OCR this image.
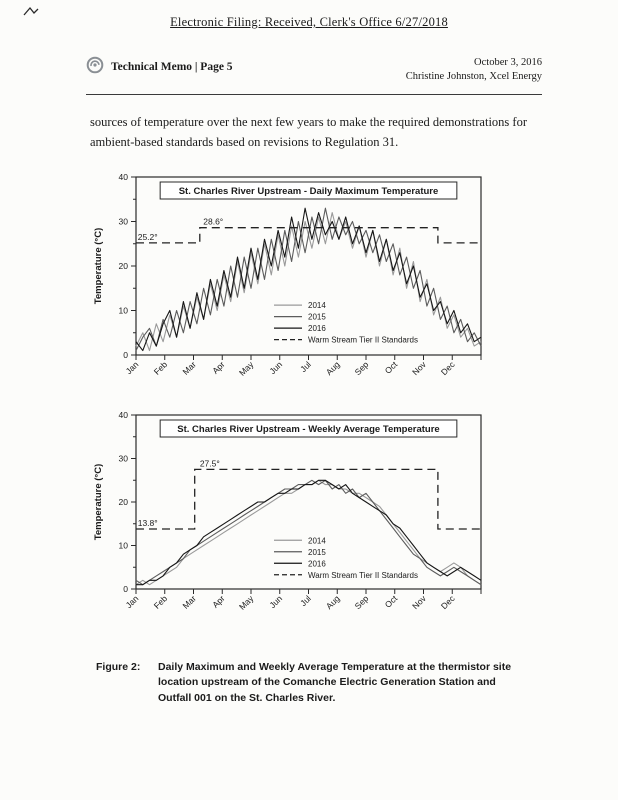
Electronic Filing: Received, Clerk's Office 6/27/2018
Technical Memo | Page 5	October 3, 2016
Christine Johnston, Xcel Energy

sources of temperature over the next few years to make the required demonstrations for ambient-based standards based on revisions to Regulation 31.

0
10
20
30
40
Jan Feb Mar Apr May Jun Jul Aug Sep Oct Nov Dec
25.2°
28.6°
St. Charles River Upstream - Daily Maximum Temperature
2014
2015
2016
Warm Stream Tier II Standards
Temperature (°C)
0
10
20
30
40
Jan Feb Mar Apr May Jun Jul Aug Sep Oct Nov Dec
13.8°
27.5°
St. Charles River Upstream - Weekly Average Temperature
2014
2015
2016
Warm Stream Tier II Standards
Temperature (°C)
Figure 2: Daily Maximum and Weekly Average Temperature at the thermistor site location upstream of the Comanche Electric Generation Station and Outfall 001 on the St. Charles River.
